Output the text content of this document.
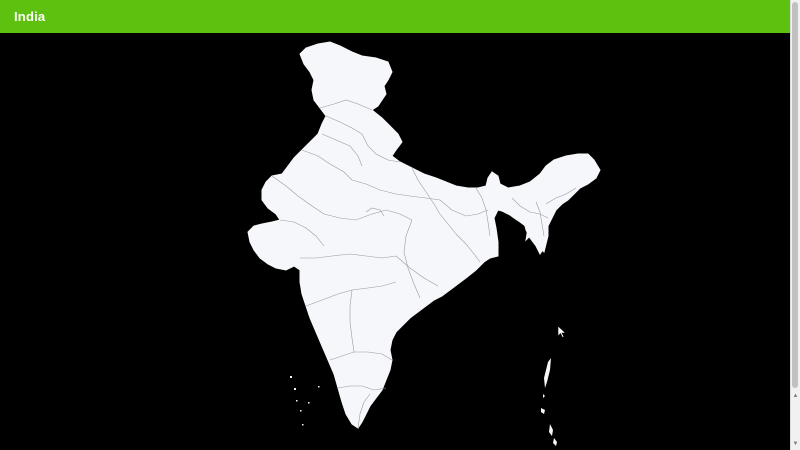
India
▲
▼
